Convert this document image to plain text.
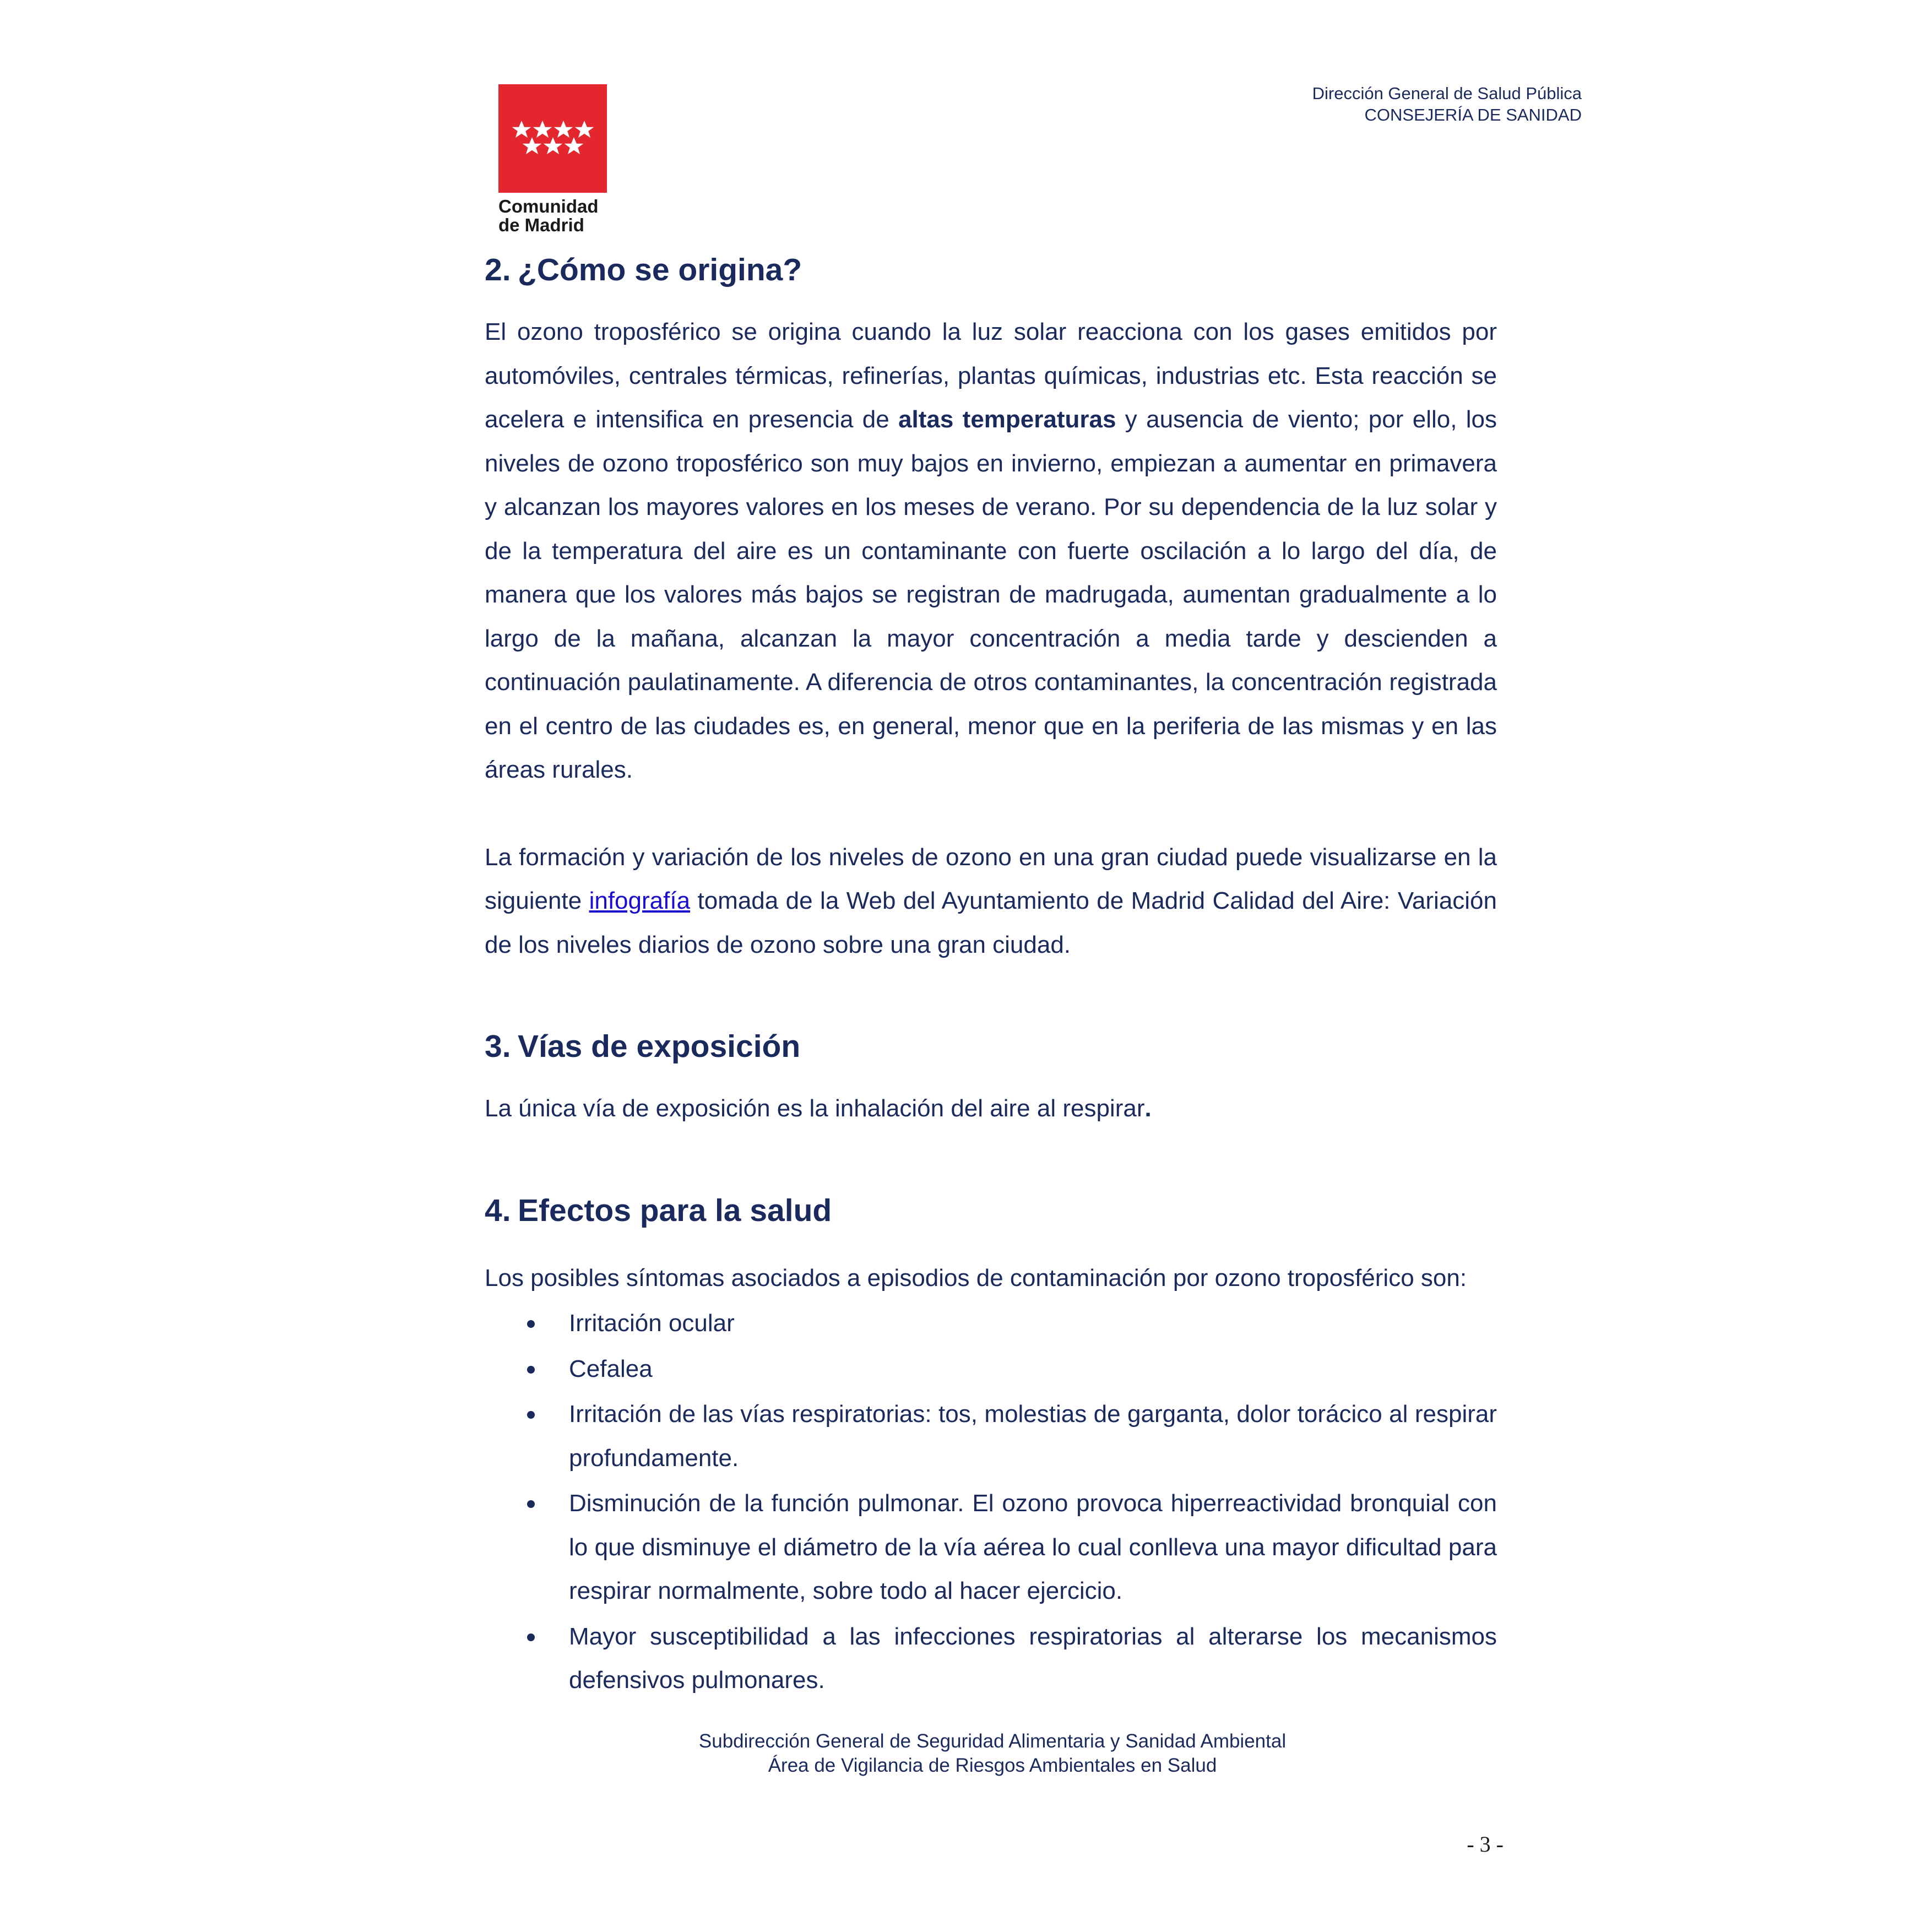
Comunidad
de Madrid
Dirección General de Salud Pública
CONSEJERÍA DE SANIDAD
2. ¿Cómo se origina?

El ozono troposférico se origina cuando la luz solar reacciona con los gases emitidos por automóviles, centrales térmicas, refinerías, plantas químicas, industrias etc. Esta reacción se acelera e intensifica en presencia de altas temperaturas y ausencia de viento; por ello, los niveles de ozono troposférico son muy bajos en invierno, empiezan a aumentar en primavera y alcanzan los mayores valores en los meses de verano. Por su dependencia de la luz solar y de la temperatura del aire es un contaminante con fuerte oscilación a lo largo del día, de manera que los valores más bajos se registran de madrugada, aumentan gradualmente a lo largo de la mañana, alcanzan la mayor concentración a media tarde y descienden a continuación paulatinamente. A diferencia de otros contaminantes, la concentración registrada en el centro de las ciudades es, en general, menor que en la periferia de las mismas y en las áreas rurales.

La formación y variación de los niveles de ozono en una gran ciudad puede visualizarse en la siguiente infografía tomada de la Web del Ayuntamiento de Madrid Calidad del Aire: Variación de los niveles diarios de ozono sobre una gran ciudad.

3. Vías de exposición

La única vía de exposición es la inhalación del aire al respirar.

4. Efectos para la salud

Los posibles síntomas asociados a episodios de contaminación por ozono troposférico son:

Irritación ocular
Cefalea
Irritación de las vías respiratorias: tos, molestias de garganta, dolor torácico al respirar profundamente.
Disminución de la función pulmonar. El ozono provoca hiperreactividad bronquial con lo que disminuye el diámetro de la vía aérea lo cual conlleva una mayor dificultad para respirar normalmente, sobre todo al hacer ejercicio.
Mayor susceptibilidad a las infecciones respiratorias al alterarse los mecanismos defensivos pulmonares.
Subdirección General de Seguridad Alimentaria y Sanidad Ambiental
Área de Vigilancia de Riesgos Ambientales en Salud
- 3 -
